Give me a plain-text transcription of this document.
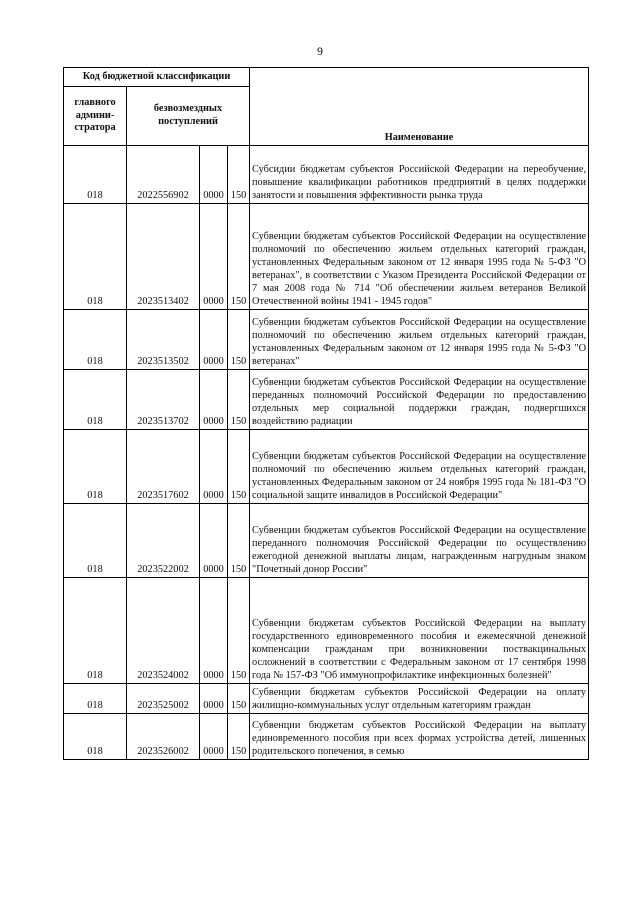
9
Код бюджетной классификации				Наименование
главного админи-стратора	безвозмездных поступлений			
018	2022556902	0000	150	Субсидии бюджетам субъектов Российской Федерации на переобучение, повышение квалификации работников предприятий в целях поддержки занятости и повышения эффективности рынка труда
018	2023513402	0000	150	Субвенции бюджетам субъектов Российской Федерации на осуществление полномочий по обеспечению жильем отдельных категорий граждан, установленных Федеральным законом от 12 января 1995 года № 5-ФЗ "О ветеранах", в соответствии с Указом Президента Российской Федерации от 7 мая 2008 года № 714 "Об обеспечении жильем ветеранов Великой Отечественной войны 1941 - 1945 годов"
018	2023513502	0000	150	Субвенции бюджетам субъектов Российской Федерации на осуществление полномочий по обеспечению жильем отдельных категорий граждан, установленных Федеральным законом от 12 января 1995 года № 5-ФЗ "О ветеранах"
018	2023513702	0000	150	Субвенции бюджетам субъектов Российской Федерации на осуществление переданных полномочий Российской Федерации по предоставлению отдельных мер социальной поддержки граждан, подвергшихся воздействию радиации
018	2023517602	0000	150	Субвенции бюджетам субъектов Российской Федерации на осуществление полномочий по обеспечению жильем отдельных категорий граждан, установленных Федеральным законом от 24 ноября 1995 года № 181-ФЗ "О социальной защите инвалидов в Российской Федерации"
018	2023522002	0000	150	Субвенции бюджетам субъектов Российской Федерации на осуществление переданного полномочия Российской Федерации по осуществлению ежегодной денежной выплаты лицам, награжденным нагрудным знаком "Почетный донор России"
018	2023524002	0000	150	Субвенции бюджетам субъектов Российской Федерации на выплату государственного единовременного пособия и ежемесячной денежной компенсации гражданам при возникновении поствакцинальных осложнений в соответствии с Федеральным законом от 17 сентября 1998 года № 157-ФЗ "Об иммунопрофилактике инфекционных болезней"
018	2023525002	0000	150	Субвенции бюджетам субъектов Российской Федерации на оплату жилищно-коммунальных услуг отдельным категориям граждан
018	2023526002	0000	150	Субвенции бюджетам субъектов Российской Федерации на выплату единовременного пособия при всех формах устройства детей, лишенных родительского попечения, в семью
